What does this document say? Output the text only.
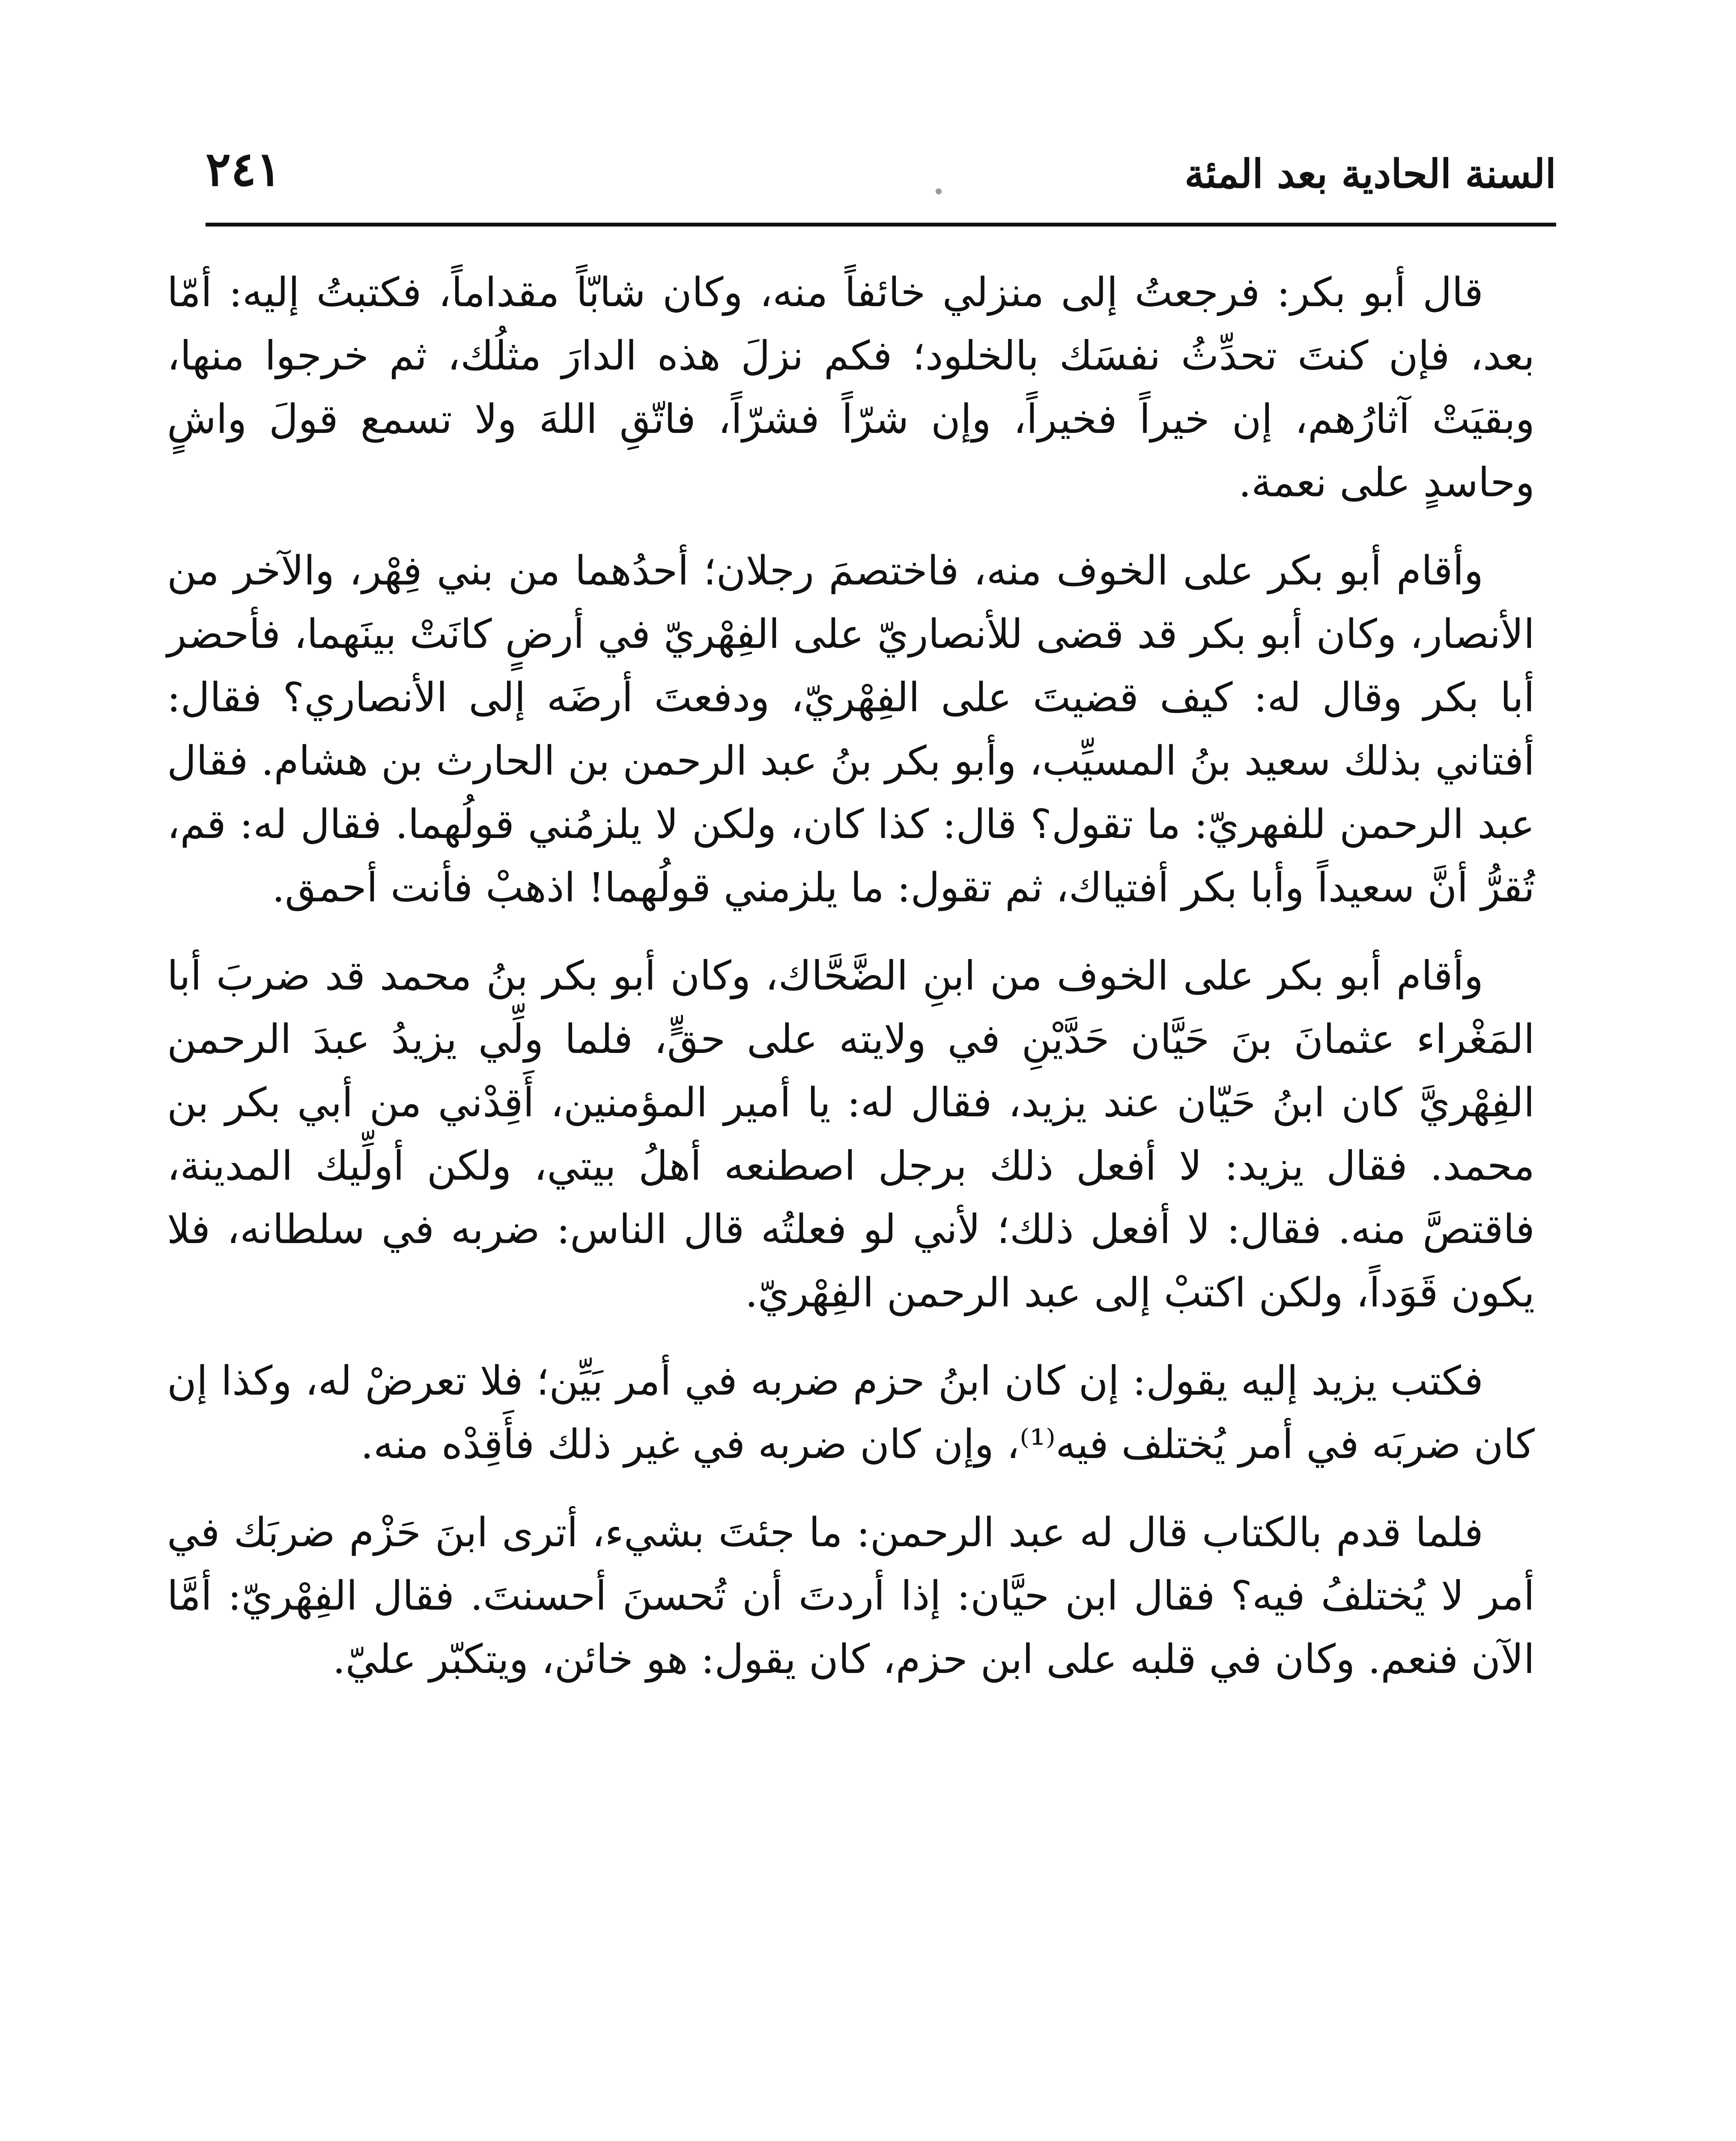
السنة الحادية بعد المئة
٢٤١

قال أبو بكر: فرجعتُ إلى منزلي خائفاً منه، وكان شابّاً مقداماً، فكتبتُ إليه: أمّا بعد، فإن كنتَ تحدِّثُ نفسَك بالخلود؛ فكم نزلَ هذه الدارَ مثلُك، ثم خرجوا منها، وبقيَتْ آثارُهم، إن خيراً فخيراً، وإن شرّاً فشرّاً، فاتّقِ اللهَ ولا تسمع قولَ واشٍ وحاسدٍ على نعمة.

وأقام أبو بكر على الخوف منه، فاختصمَ رجلان؛ أحدُهما من بني فِهْر، والآخر من الأنصار، وكان أبو بكر قد قضى للأنصاريّ على الفِهْريّ في أرضٍ كانَتْ بينَهما، فأحضر أبا بكر وقال له: كيف قضيتَ على الفِهْريّ، ودفعتَ أرضَه إلى الأنصاري؟ فقال: أفتاني بذلك سعيد بنُ المسيِّب، وأبو بكر بنُ عبد الرحمن بن الحارث بن هشام. فقال عبد الرحمن للفهريّ: ما تقول؟ قال: كذا كان، ولكن لا يلزمُني قولُهما. فقال له: قم، تُقرُّ أنَّ سعيداً وأبا بكر أفتياك، ثم تقول: ما يلزمني قولُهما! اذهبْ فأنت أحمق.

وأقام أبو بكر على الخوف من ابنِ الضَّحَّاك، وكان أبو بكر بنُ محمد قد ضربَ أبا المَغْراء عثمانَ بنَ حَيَّان حَدَّيْنِ في ولايته على حقٍّ، فلما ولِّي يزيدُ عبدَ الرحمن الفِهْريَّ كان ابنُ حَيّان عند يزيد، فقال له: يا أمير المؤمنين، أَقِدْني من أبي بكر بن محمد. فقال يزيد: لا أفعل ذلك برجل اصطنعه أهلُ بيتي، ولكن أولِّيك المدينة، فاقتصَّ منه. فقال: لا أفعل ذلك؛ لأني لو فعلتُه قال الناس: ضربه في سلطانه، فلا يكون قَوَداً، ولكن اكتبْ إلى عبد الرحمن الفِهْريّ.

فكتب يزيد إليه يقول: إن كان ابنُ حزم ضربه في أمر بَيِّن؛ فلا تعرضْ له، وكذا إن كان ضربَه في أمر يُختلف فيه⁽¹⁾، وإن كان ضربه في غير ذلك فأَقِدْه منه.

فلما قدم بالكتاب قال له عبد الرحمن: ما جئتَ بشيء، أترى ابنَ حَزْم ضربَك في أمر لا يُختلفُ فيه؟ فقال ابن حيَّان: إذا أردتَ أن تُحسنَ أحسنتَ. فقال الفِهْريّ: أمَّا الآن فنعم. وكان في قلبه على ابن حزم، كان يقول: هو خائن، ويتكبّر عليّ.
